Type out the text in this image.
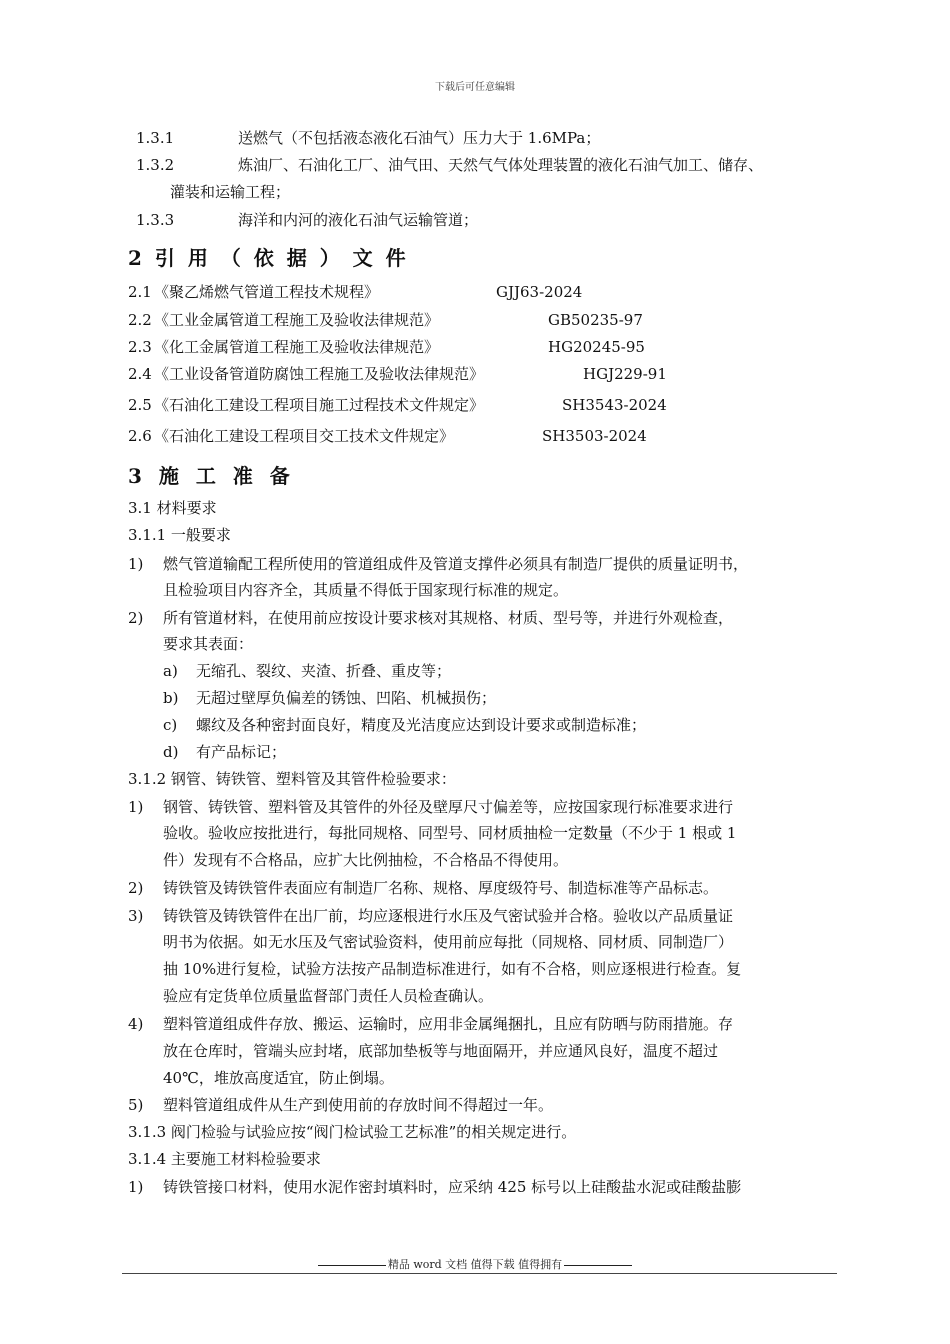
下载后可任意编辑
1.3.1	送燃气（不包括液态液化石油气）压力大于 1.6MPa；
1.3.2	炼油厂、石油化工厂、油气田、天然气气体处理装置的液化石油气加工、储存、
灌装和运输工程；
1.3.3	海洋和内河的液化石油气运输管道；
2 引 用 （ 依 据 ） 文 件
2.1 《聚乙烯燃气管道工程技术规程》	GJJ63-2024
2.2 《工业金属管道工程施工及验收法律规范》	GB50235-97
2.3 《化工金属管道工程施工及验收法律规范》	HG20245-95
2.4 《工业设备管道防腐蚀工程施工及验收法律规范》	HGJ229-91
2.5 《石油化工建设工程项目施工过程技术文件规定》	SH3543-2024
2.6 《石油化工建设工程项目交工技术文件规定》	SH3503-2024
3 施 工 准 备
3.1 材料要求
3.1.1 一般要求
1) 燃气管道输配工程所使用的管道组成件及管道支撑件必须具有制造厂提供的质量证明书，
且检验项目内容齐全，其质量不得低于国家现行标准的规定。
2) 所有管道材料，在使用前应按设计要求核对其规格、材质、型号等，并进行外观检查，
要求其表面：
a) 无缩孔、裂纹、夹渣、折叠、重皮等；
b) 无超过壁厚负偏差的锈蚀、凹陷、机械损伤；
c) 螺纹及各种密封面良好，精度及光洁度应达到设计要求或制造标准；
d) 有产品标记；
3.1.2 钢管、铸铁管、塑料管及其管件检验要求：
1) 钢管、铸铁管、塑料管及其管件的外径及壁厚尺寸偏差等，应按国家现行标准要求进行
验收。验收应按批进行，每批同规格、同型号、同材质抽检一定数量（不少于 1 根或 1
件）发现有不合格品，应扩大比例抽检，不合格品不得使用。
2) 铸铁管及铸铁管件表面应有制造厂名称、规格、厚度级符号、制造标准等产品标志。
3) 铸铁管及铸铁管件在出厂前，均应逐根进行水压及气密试验并合格。验收以产品质量证
明书为依据。如无水压及气密试验资料，使用前应每批（同规格、同材质、同制造厂）
抽 10%进行复检，试验方法按产品制造标准进行，如有不合格，则应逐根进行检查。复
验应有定货单位质量监督部门责任人员检查确认。
4) 塑料管道组成件存放、搬运、运输时，应用非金属绳捆扎，且应有防晒与防雨措施。存
放在仓库时，管端头应封堵，底部加垫板等与地面隔开，并应通风良好，温度不超过
40℃，堆放高度适宜，防止倒塌。
5) 塑料管道组成件从生产到使用前的存放时间不得超过一年。
3.1.3 阀门检验与试验应按“阀门检试验工艺标准”的相关规定进行。
3.1.4 主要施工材料检验要求
1) 铸铁管接口材料，使用水泥作密封填料时，应采纳 425 标号以上硅酸盐水泥或硅酸盐膨
精品 word 文档 值得下载 值得拥有
